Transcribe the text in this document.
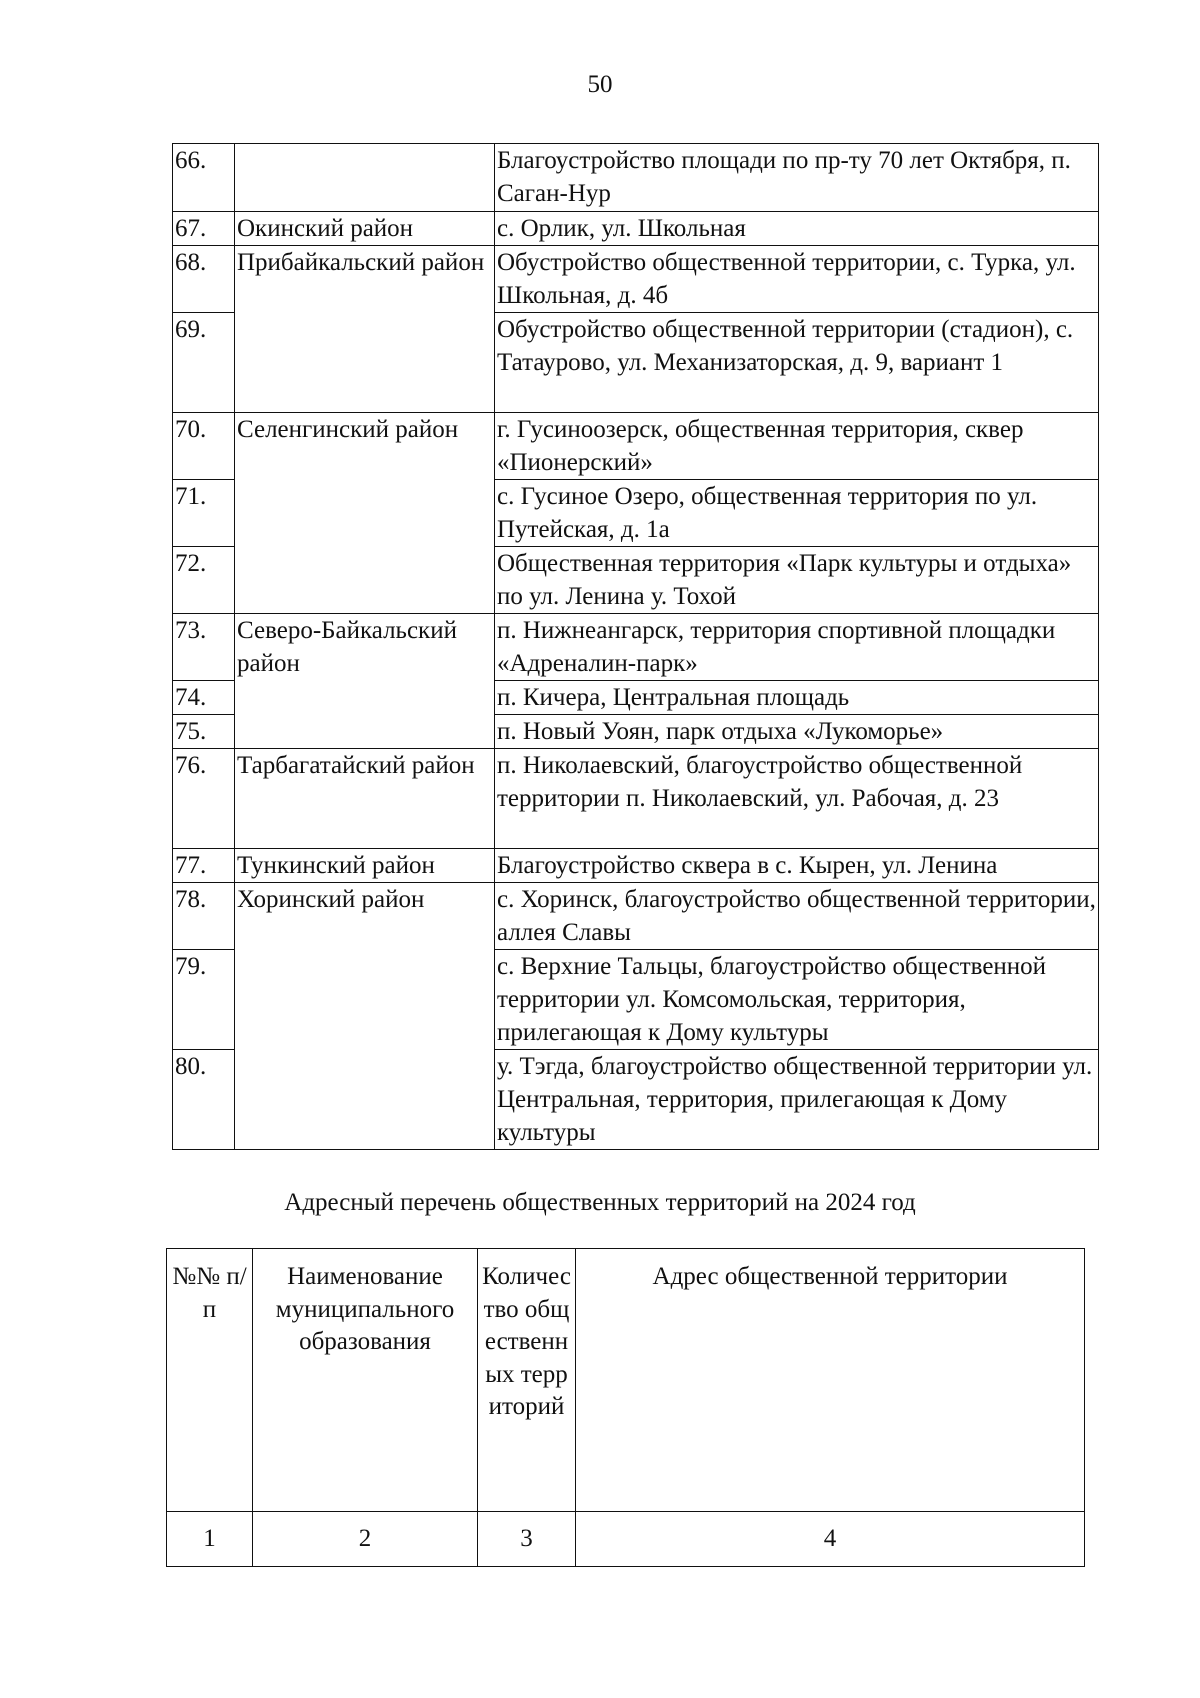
50
66.		Благоустройство площади по пр-ту 70 лет Октября, п. Саган-Нур
67.	Окинский район	с. Орлик, ул. Школьная
68.	Прибайкальский район	Обустройство общественной территории, с. Турка, ул. Школьная, д. 4б
69.		Обустройство общественной территории (стадион), с. Татаурово, ул. Механизаторская, д. 9, вариант 1
70.	Селенгинский район	г. Гусиноозерск, общественная территория, сквер «Пионерский»
71.		с. Гусиное Озеро, общественная территория по ул. Путейская, д. 1а
72.		Общественная территория «Парк культуры и отдыха» по ул. Ленина у. Тохой
73.	Северо-Байкальский район	п. Нижнеангарск, территория спортивной площадки «Адреналин-парк»
74.		п. Кичера, Центральная площадь
75.		п. Новый Уоян, парк отдыха «Лукоморье»
76.	Тарбагатайский район	п. Николаевский, благоустройство общественной территории п. Николаевский, ул. Рабочая, д. 23
77.	Тункинский район	Благоустройство сквера в с. Кырен, ул. Ленина
78.	Хоринский район	с. Хоринск, благоустройство общественной территории, аллея Славы
79.		с. Верхние Тальцы, благоустройство общественной территории ул. Комсомольская, территория, прилегающая к Дому культуры
80.		у. Тэгда, благоустройство общественной территории ул. Центральная, территория, прилегающая к Дому культуры
Адресный перечень общественных территорий на 2024 год
№№ п/п	Наименование муниципального образования	Количество общественных территорий	Адрес общественной территории
1	2	3	4
